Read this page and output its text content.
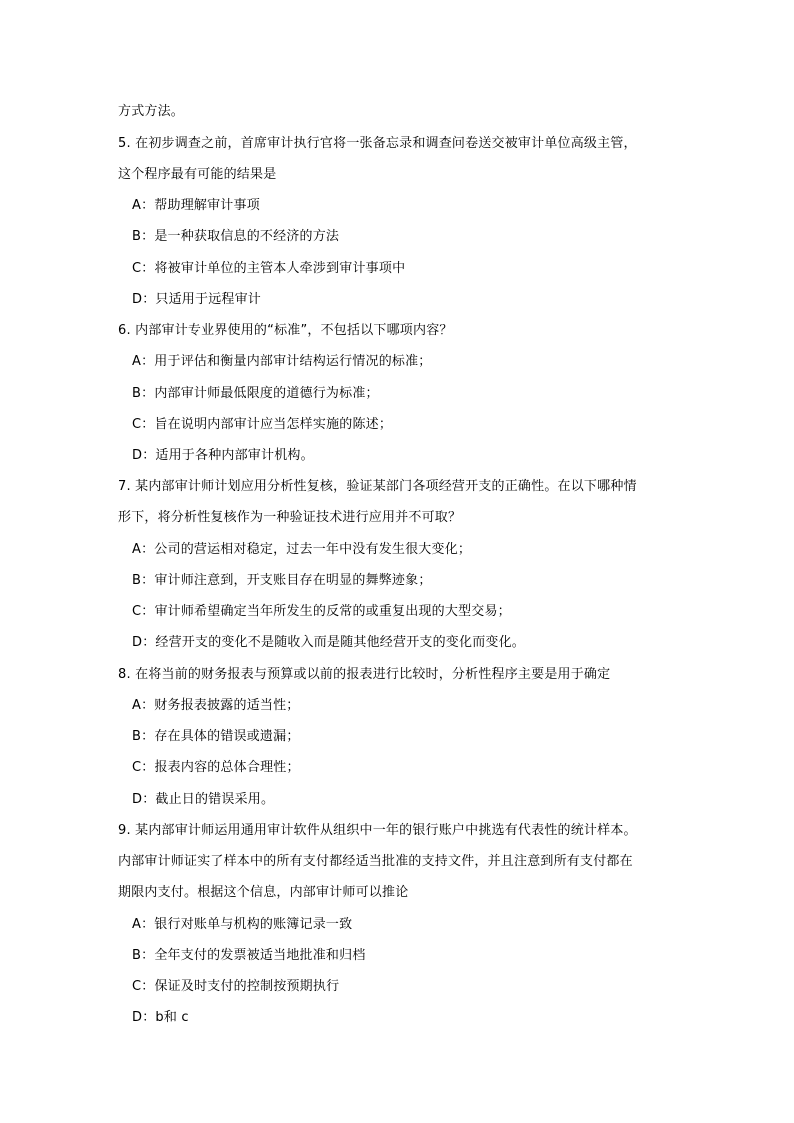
方式方法。
5. 在初步调查之前，首席审计执行官将一张备忘录和调查问卷送交被审计单位高级主管，
这个程序最有可能的结果是
A：帮助理解审计事项
B：是一种获取信息的不经济的方法
C：将被审计单位的主管本人牵涉到审计事项中
D：只适用于远程审计
6. 内部审计专业界使用的“标准”，不包括以下哪项内容？
A：用于评估和衡量内部审计结构运行情况的标准；
B：内部审计师最低限度的道德行为标准；
C：旨在说明内部审计应当怎样实施的陈述；
D：适用于各种内部审计机构。
7. 某内部审计师计划应用分析性复核，验证某部门各项经营开支的正确性。在以下哪种情
形下，将分析性复核作为一种验证技术进行应用并不可取？
A：公司的营运相对稳定，过去一年中没有发生很大变化；
B：审计师注意到，开支账目存在明显的舞弊迹象；
C：审计师希望确定当年所发生的反常的或重复出现的大型交易；
D：经营开支的变化不是随收入而是随其他经营开支的变化而变化。
8. 在将当前的财务报表与预算或以前的报表进行比较时，分析性程序主要是用于确定
A：财务报表披露的适当性；
B：存在具体的错误或遗漏；
C：报表内容的总体合理性；
D：截止日的错误采用。
9. 某内部审计师运用通用审计软件从组织中一年的银行账户中挑选有代表性的统计样本。
内部审计师证实了样本中的所有支付都经适当批准的支持文件，并且注意到所有支付都在
期限内支付。根据这个信息，内部审计师可以推论
A：银行对账单与机构的账簿记录一致
B：全年支付的发票被适当地批准和归档
C：保证及时支付的控制按预期执行
D：b和 c
